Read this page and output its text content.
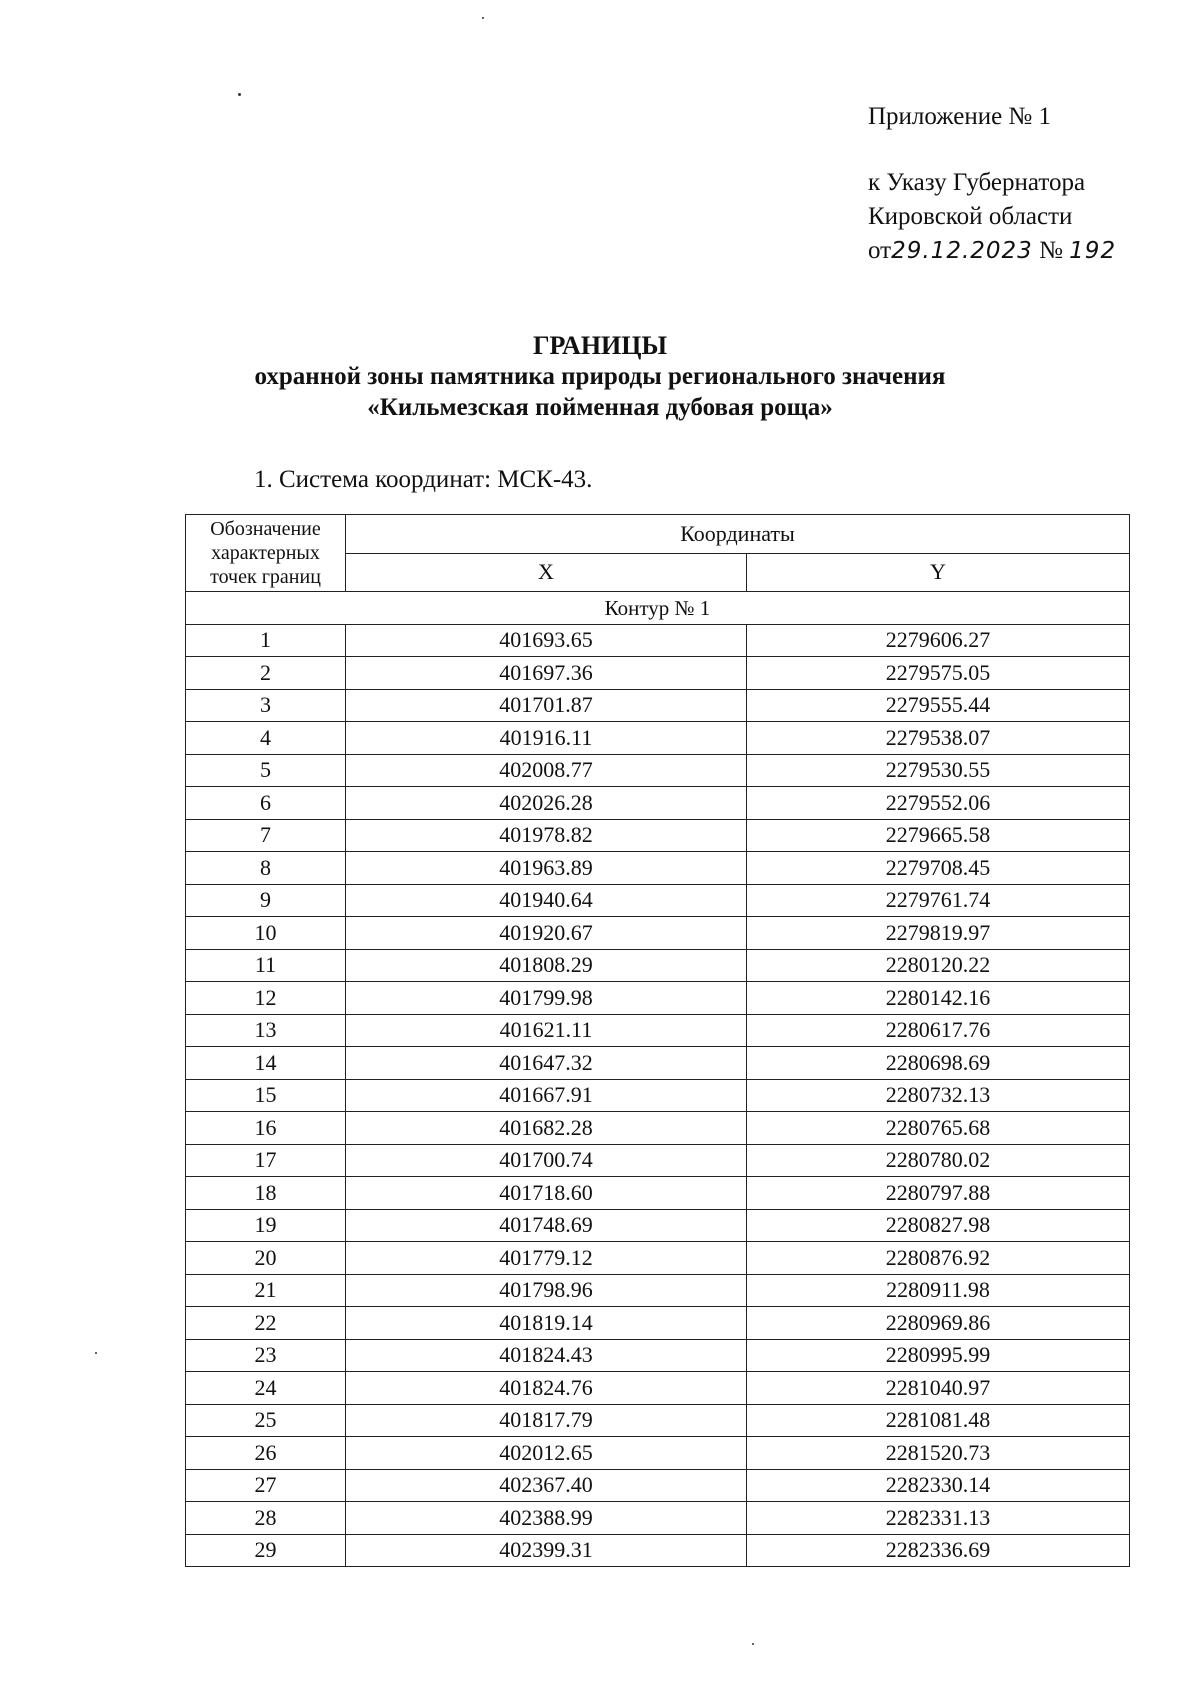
Приложение № 1
к Указу Губернатора
Кировской области
от29.12.2023 № 192
ГРАНИЦЫ
охранной зоны памятника природы регионального значения
«Кильмезская пойменная дубовая роща»
1. Система координат: МСК-43.
Обозначение характерных точек границ	Координаты	
	X	Y
Контур № 1		
1	401693.65	2279606.27
2	401697.36	2279575.05
3	401701.87	2279555.44
4	401916.11	2279538.07
5	402008.77	2279530.55
6	402026.28	2279552.06
7	401978.82	2279665.58
8	401963.89	2279708.45
9	401940.64	2279761.74
10	401920.67	2279819.97
11	401808.29	2280120.22
12	401799.98	2280142.16
13	401621.11	2280617.76
14	401647.32	2280698.69
15	401667.91	2280732.13
16	401682.28	2280765.68
17	401700.74	2280780.02
18	401718.60	2280797.88
19	401748.69	2280827.98
20	401779.12	2280876.92
21	401798.96	2280911.98
22	401819.14	2280969.86
23	401824.43	2280995.99
24	401824.76	2281040.97
25	401817.79	2281081.48
26	402012.65	2281520.73
27	402367.40	2282330.14
28	402388.99	2282331.13
29	402399.31	2282336.69
